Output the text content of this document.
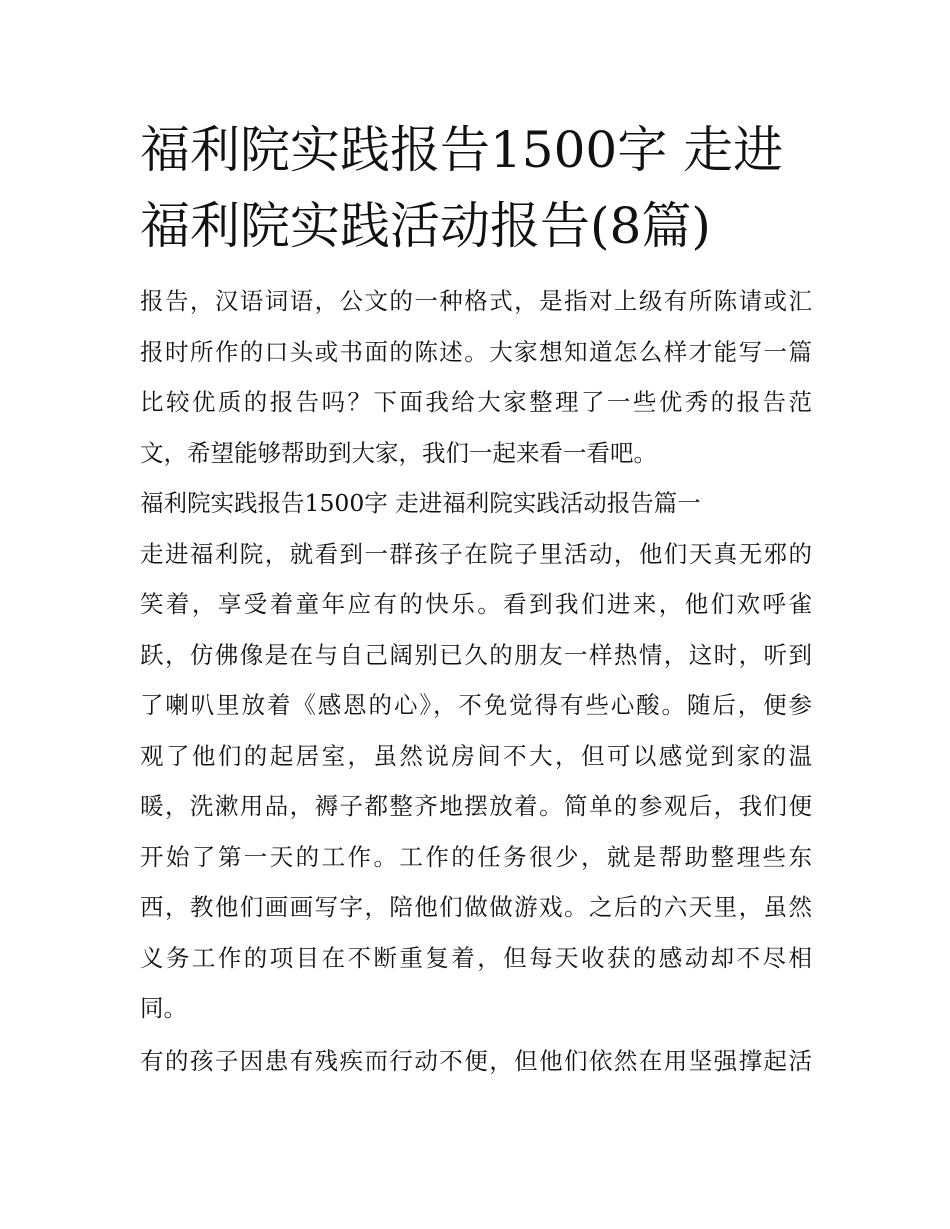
福利院实践报告1500字 走进
福利院实践活动报告(8篇)

报告，汉语词语，公文的一种格式，是指对上级有所陈请或汇
报时所作的口头或书面的陈述。大家想知道怎么样才能写一篇
比较优质的报告吗？下面我给大家整理了一些优秀的报告范
文，希望能够帮助到大家，我们一起来看一看吧。

福利院实践报告1500字 走进福利院实践活动报告篇一

走进福利院，就看到一群孩子在院子里活动，他们天真无邪的
笑着，享受着童年应有的快乐。看到我们进来，他们欢呼雀
跃，仿佛像是在与自己阔别已久的朋友一样热情，这时，听到
了喇叭里放着《感恩的心》，不免觉得有些心酸。随后，便参
观了他们的起居室，虽然说房间不大，但可以感觉到家的温
暖，洗漱用品，褥子都整齐地摆放着。简单的参观后，我们便
开始了第一天的工作。工作的任务很少，就是帮助整理些东
西，教他们画画写字，陪他们做做游戏。之后的六天里，虽然
义务工作的项目在不断重复着，但每天收获的感动却不尽相
同。

有的孩子因患有残疾而行动不便，但他们依然在用坚强撑起活
